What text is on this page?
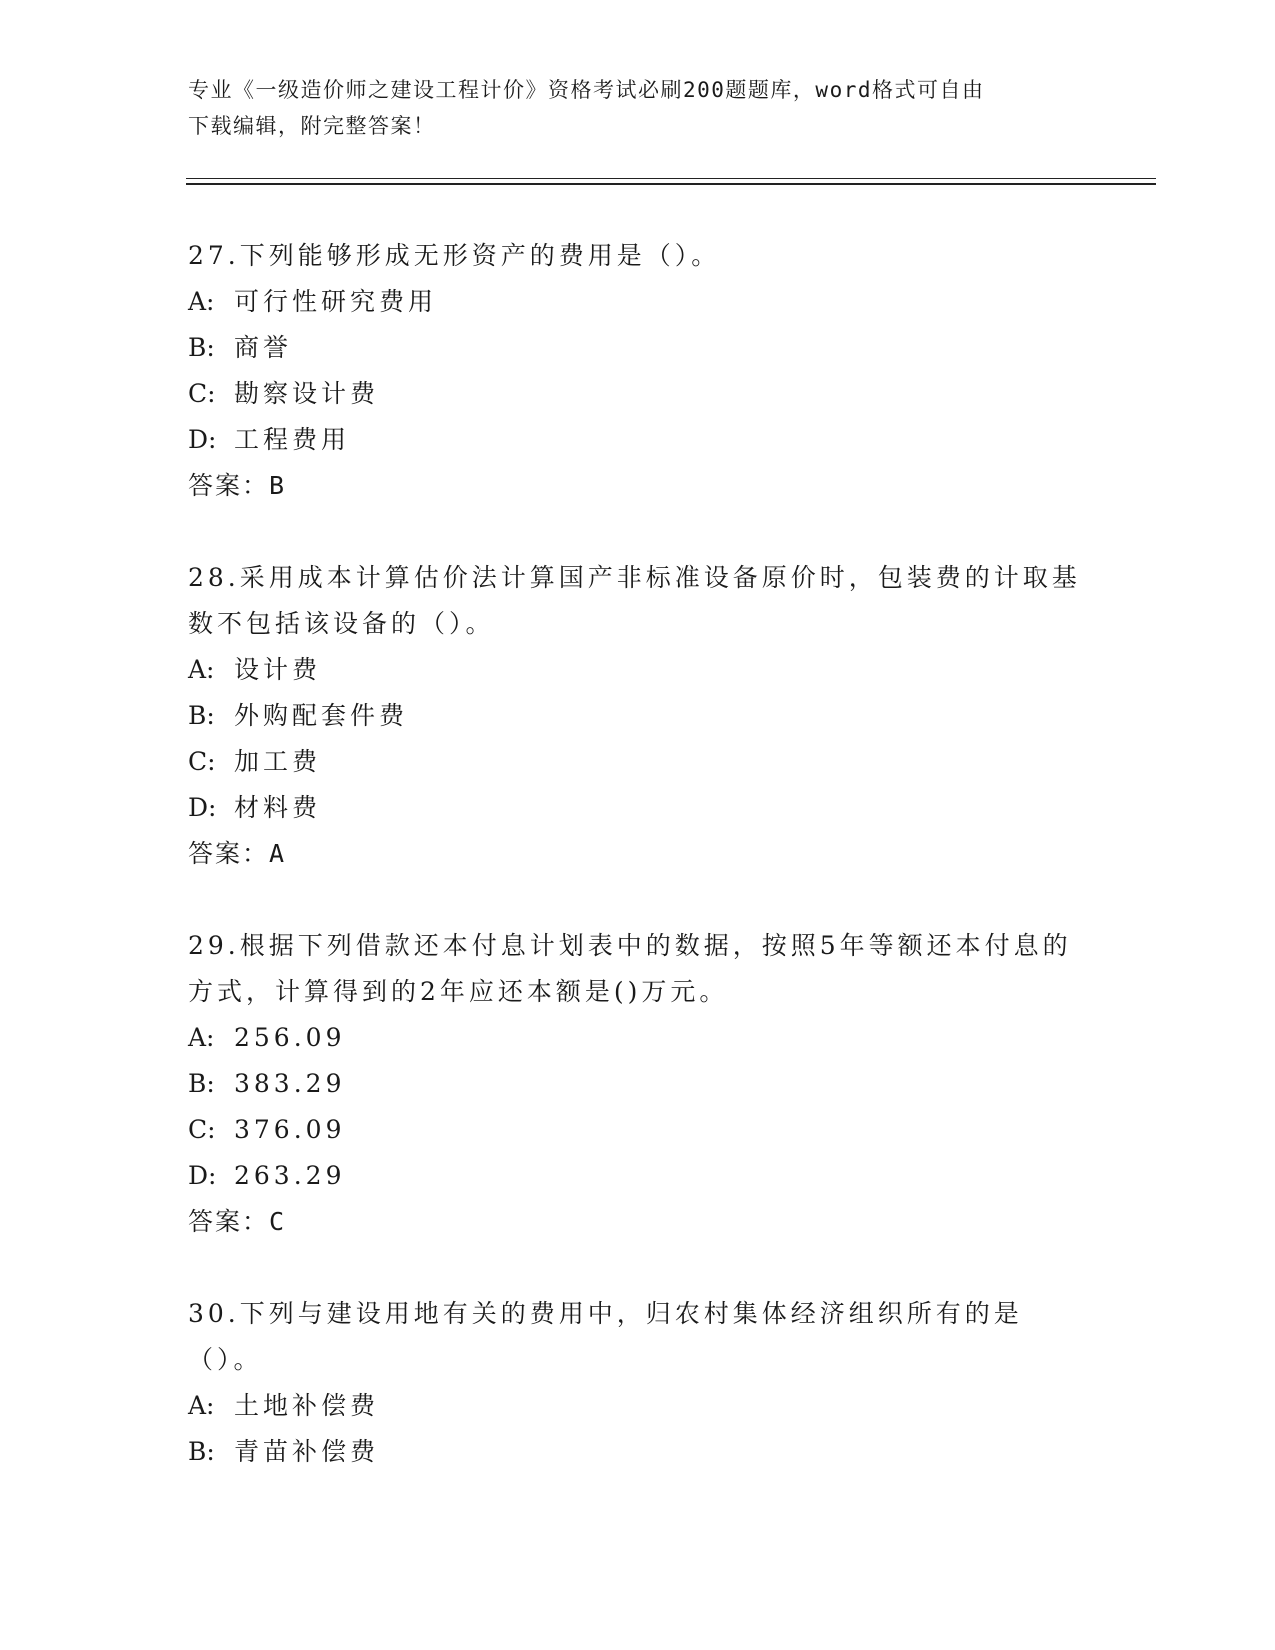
专业《一级造价师之建设工程计价》资格考试必刷200题题库，word格式可自由
下载编辑，附完整答案！

27.下列能够形成无形资产的费用是（）。

A: 可行性研究费用
B: 商誉
C: 勘察设计费
D: 工程费用
答案：B

28.采用成本计算估价法计算国产非标准设备原价时，包装费的计取基数不包括该设备的（）。

A: 设计费
B: 外购配套件费
C: 加工费
D: 材料费
答案：A

29.根据下列借款还本付息计划表中的数据，按照5年等额还本付息的方式，计算得到的2年应还本额是()万元。

A: 256.09
B: 383.29
C: 376.09
D: 263.29
答案：C

30.下列与建设用地有关的费用中，归农村集体经济组织所有的是（）。

A: 土地补偿费
B: 青苗补偿费
